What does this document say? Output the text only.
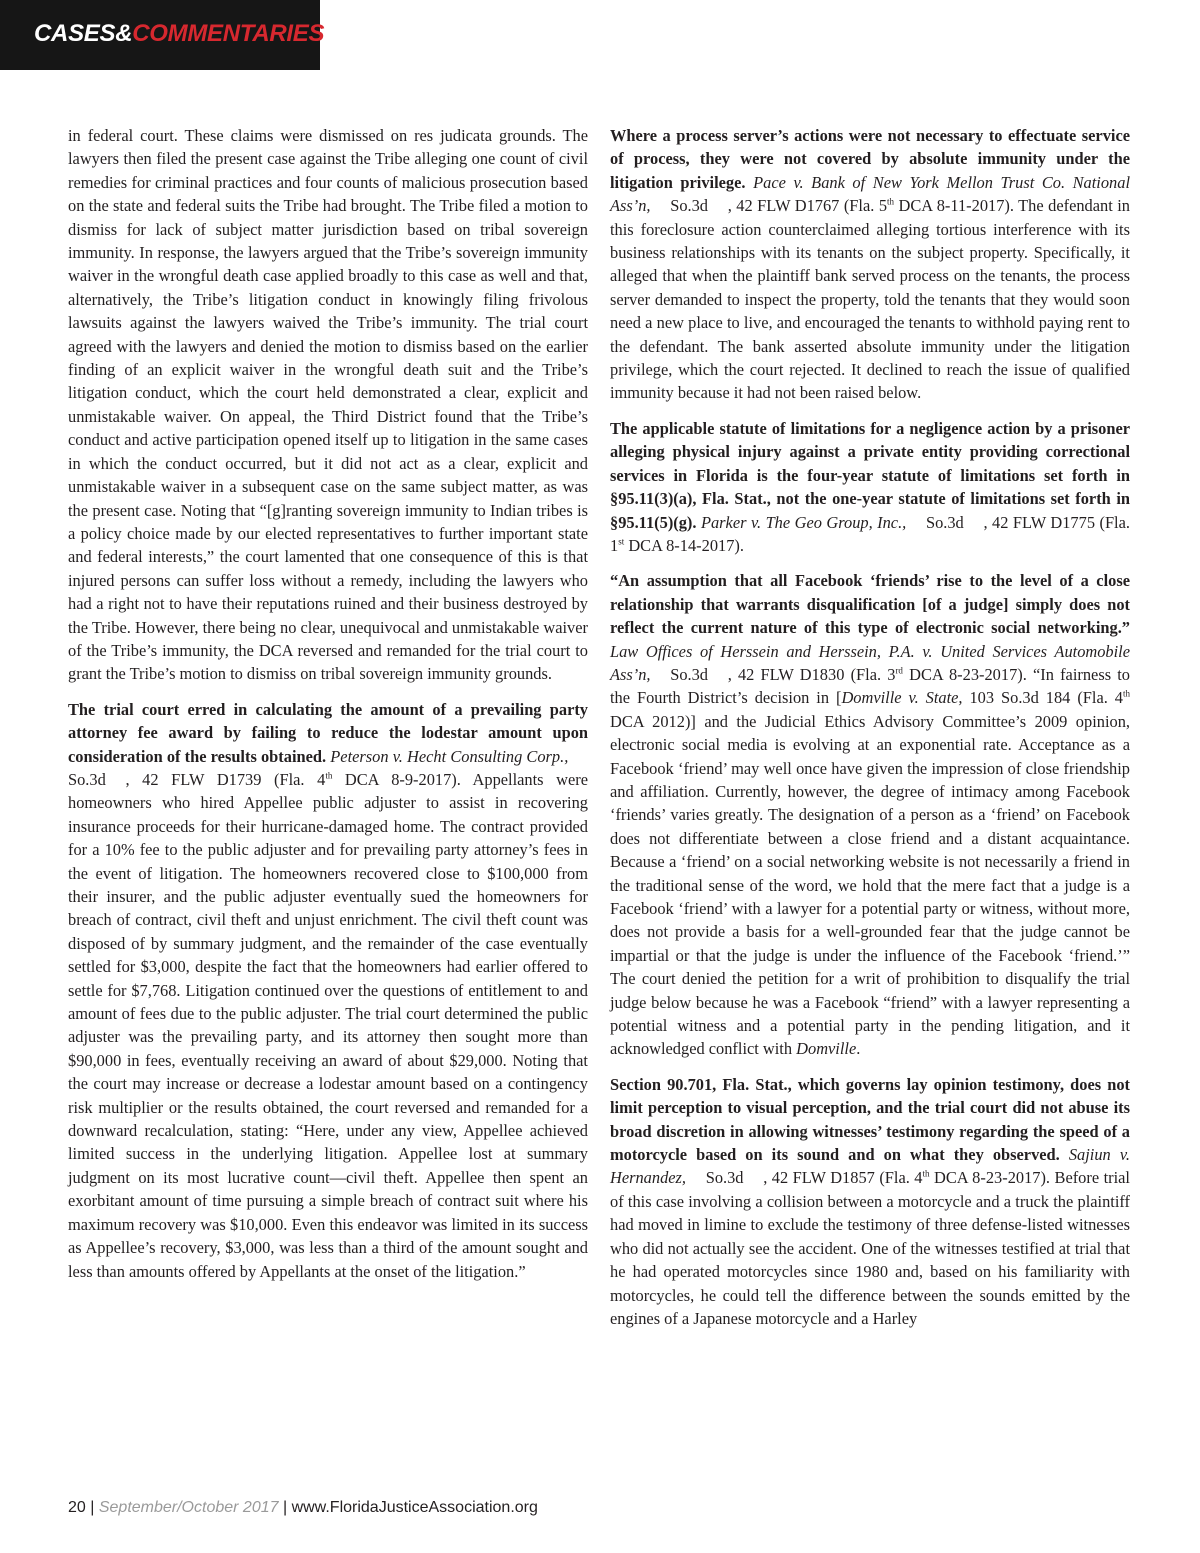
CASES&COMMENTARIES

in federal court. These claims were dismissed on res judicata grounds. The lawyers then filed the present case against the Tribe alleging one count of civil remedies for criminal practices and four counts of malicious prosecution based on the state and federal suits the Tribe had brought. The Tribe filed a motion to dismiss for lack of subject matter jurisdiction based on tribal sovereign immunity. In response, the lawyers argued that the Tribe’s sovereign immunity waiver in the wrongful death case applied broadly to this case as well and that, alternatively, the Tribe’s litigation conduct in knowingly filing frivolous lawsuits against the lawyers waived the Tribe’s immunity. The trial court agreed with the lawyers and denied the motion to dismiss based on the earlier finding of an explicit waiver in the wrongful death suit and the Tribe’s litigation conduct, which the court held demonstrated a clear, explicit and unmistakable waiver. On appeal, the Third District found that the Tribe’s conduct and active participation opened itself up to litigation in the same cases in which the conduct occurred, but it did not act as a clear, explicit and unmistakable waiver in a subsequent case on the same subject matter, as was the present case. Noting that “[g]ranting sovereign immunity to Indian tribes is a policy choice made by our elected representatives to further important state and federal interests,” the court lamented that one consequence of this is that injured persons can suffer loss without a remedy, including the lawyers who had a right not to have their reputations ruined and their business destroyed by the Tribe. However, there being no clear, unequivocal and unmistakable waiver of the Tribe’s immunity, the DCA reversed and remanded for the trial court to grant the Tribe’s motion to dismiss on tribal sovereign immunity grounds.

The trial court erred in calculating the amount of a prevailing party attorney fee award by failing to reduce the lodestar amount upon consideration of the results obtained. Peterson v. Hecht Consulting Corp.,So.3d , 42 FLW D1739 (Fla. 4th DCA 8-9-2017). Appellants were homeowners who hired Appellee public adjuster to assist in recovering insurance proceeds for their hurricane-damaged home. The contract provided for a 10% fee to the public adjuster and for prevailing party attorney’s fees in the event of litigation. The homeowners recovered close to $100,000 from their insurer, and the public adjuster eventually sued the homeowners for breach of contract, civil theft and unjust enrichment. The civil theft count was disposed of by summary judgment, and the remainder of the case eventually settled for $3,000, despite the fact that the homeowners had earlier offered to settle for $7,768. Litigation continued over the questions of entitlement to and amount of fees due to the public adjuster. The trial court determined the public adjuster was the prevailing party, and its attorney then sought more than $90,000 in fees, eventually receiving an award of about $29,000. Noting that the court may increase or decrease a lodestar amount based on a contingency risk multiplier or the results obtained, the court reversed and remanded for a downward recalculation, stating: “Here, under any view, Appellee achieved limited success in the underlying litigation. Appellee lost at summary judgment on its most lucrative count—civil theft. Appellee then spent an exorbitant amount of time pursuing a simple breach of contract suit where his maximum recovery was $10,000. Even this endeavor was limited in its success as Appellee’s recovery, $3,000, was less than a third of the amount sought and less than amounts offered by Appellants at the onset of the litigation.”

Where a process server’s actions were not necessary to effectuate service of process, they were not covered by absolute immunity under the litigation privilege. Pace v. Bank of New York Mellon Trust Co. National Ass’n, So.3d , 42 FLW D1767 (Fla. 5th DCA 8-11-2017). The defendant in this foreclosure action counterclaimed alleging tortious interference with its business relationships with its tenants on the subject property. Specifically, it alleged that when the plaintiff bank served process on the tenants, the process server demanded to inspect the property, told the tenants that they would soon need a new place to live, and encouraged the tenants to withhold paying rent to the defendant. The bank asserted absolute immunity under the litigation privilege, which the court rejected. It declined to reach the issue of qualified immunity because it had not been raised below.

The applicable statute of limitations for a negligence action by a prisoner alleging physical injury against a private entity providing correctional services in Florida is the four-year statute of limitations set forth in §95.11(3)(a), Fla. Stat., not the one-year statute of limitations set forth in §95.11(5)(g). Parker v. The Geo Group, Inc., So.3d , 42 FLW D1775 (Fla. 1st DCA 8-14-2017).

“An assumption that all Facebook ‘friends’ rise to the level of a close relationship that warrants disqualification [of a judge] simply does not reflect the current nature of this type of electronic social networking.” Law Offices of Herssein and Herssein, P.A. v. United Services Automobile Ass’n, So.3d , 42 FLW D1830 (Fla. 3rd DCA 8-23-2017). “In fairness to the Fourth District’s decision in [Domville v. State, 103 So.3d 184 (Fla. 4th DCA 2012)] and the Judicial Ethics Advisory Committee’s 2009 opinion, electronic social media is evolving at an exponential rate. Acceptance as a Facebook ‘friend’ may well once have given the impression of close friendship and affiliation. Currently, however, the degree of intimacy among Facebook ‘friends’ varies greatly. The designation of a person as a ‘friend’ on Facebook does not differentiate between a close friend and a distant acquaintance. Because a ‘friend’ on a social networking website is not necessarily a friend in the traditional sense of the word, we hold that the mere fact that a judge is a Facebook ‘friend’ with a lawyer for a potential party or witness, without more, does not provide a basis for a well-grounded fear that the judge cannot be impartial or that the judge is under the influence of the Facebook ‘friend.’” The court denied the petition for a writ of prohibition to disqualify the trial judge below because he was a Facebook “friend” with a lawyer representing a potential witness and a potential party in the pending litigation, and it acknowledged conflict with Domville.

Section 90.701, Fla. Stat., which governs lay opinion testimony, does not limit perception to visual perception, and the trial court did not abuse its broad discretion in allowing witnesses’ testimony regarding the speed of a motorcycle based on its sound and on what they observed. Sajiun v. Hernandez, So.3d , 42 FLW D1857 (Fla. 4th DCA 8-23-2017). Before trial of this case involving a collision between a motorcycle and a truck the plaintiff had moved in limine to exclude the testimony of three defense-listed witnesses who did not actually see the accident. One of the witnesses testified at trial that he had operated motorcycles since 1980 and, based on his familiarity with motorcycles, he could tell the difference between the sounds emitted by the engines of a Japanese motorcycle and a Harley

20 | September/October 2017 | www.FloridaJusticeAssociation.org
